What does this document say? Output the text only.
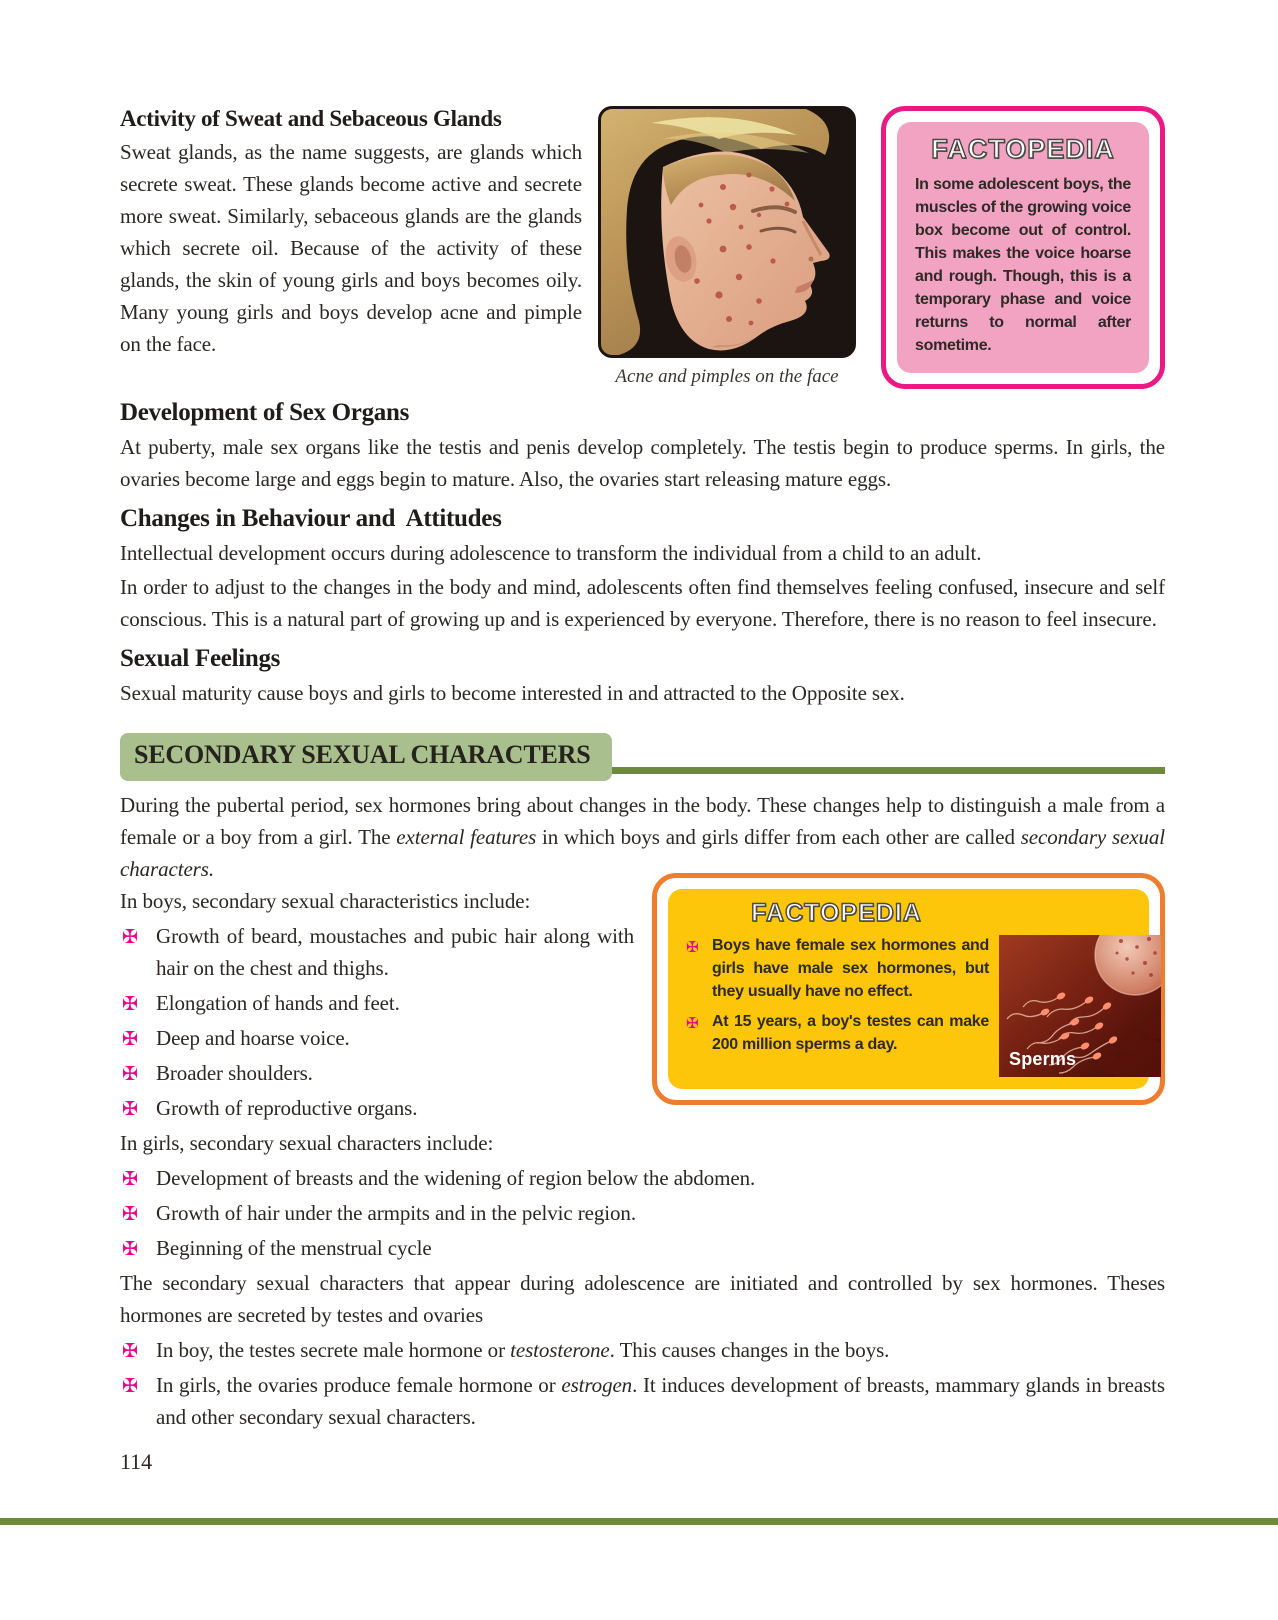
Activity of Sweat and Sebaceous Glands

Sweat glands, as the name suggests, are glands which secrete sweat. These glands become active and secrete more sweat. Similarly, sebaceous glands are the glands which secrete oil. Because of the activity of these glands, the skin of young girls and boys becomes oily. Many young girls and boys develop acne and pimple on the face.

Acne and pimples on the face
FACTOPEDIA
In some adolescent boys, the muscles of the growing voice box become out of control. This makes the voice hoarse and rough. Though, this is a temporary phase and voice returns to normal after sometime.
Development of Sex Organs

At puberty, male sex organs like the testis and penis develop completely. The testis begin to produce sperms. In girls, the ovaries become large and eggs begin to mature. Also, the ovaries start releasing mature eggs.

Changes in Behaviour and  Attitudes

Intellectual development occurs during adolescence to transform the individual from a child to an adult.

In order to adjust to the changes in the body and mind, adolescents often find themselves feeling confused, insecure and self conscious. This is a natural part of growing up and is experienced by everyone. Therefore, there is no reason to feel insecure.

Sexual Feelings

Sexual maturity cause boys and girls to become interested in and attracted to the Opposite sex.

SECONDARY SEXUAL CHARACTERS

During the pubertal period, sex hormones bring about changes in the body. These changes help to distinguish a male from a female or a boy from a girl. The external features in which boys and girls differ from each other are called secondary sexual characters.

FACTOPEDIA
✠ Boys have female sex hormones and girls have male sex hormones, but they usually have no effect.
✠ At 15 years, a boy's testes can make 200 million sperms a day.
Sperms

In boys, secondary sexual characteristics include:

✠ Growth of beard, moustaches and pubic hair along with hair on the chest and thighs.
✠ Elongation of hands and feet.
✠ Deep and hoarse voice.
✠ Broader shoulders.
✠ Growth of reproductive organs.

In girls, secondary sexual characters include:

✠ Development of breasts and the widening of region below the abdomen.
✠ Growth of hair under the armpits and in the pelvic region.
✠ Beginning of the menstrual cycle

The secondary sexual characters that appear during adolescence are initiated and controlled by sex hormones. Theses hormones are secreted by testes and ovaries

✠ In boy, the testes secrete male hormone or testosterone. This causes changes in the boys.
✠ In girls, the ovaries produce female hormone or estrogen. It induces development of breasts, mammary glands in breasts and other secondary sexual characters.
114
